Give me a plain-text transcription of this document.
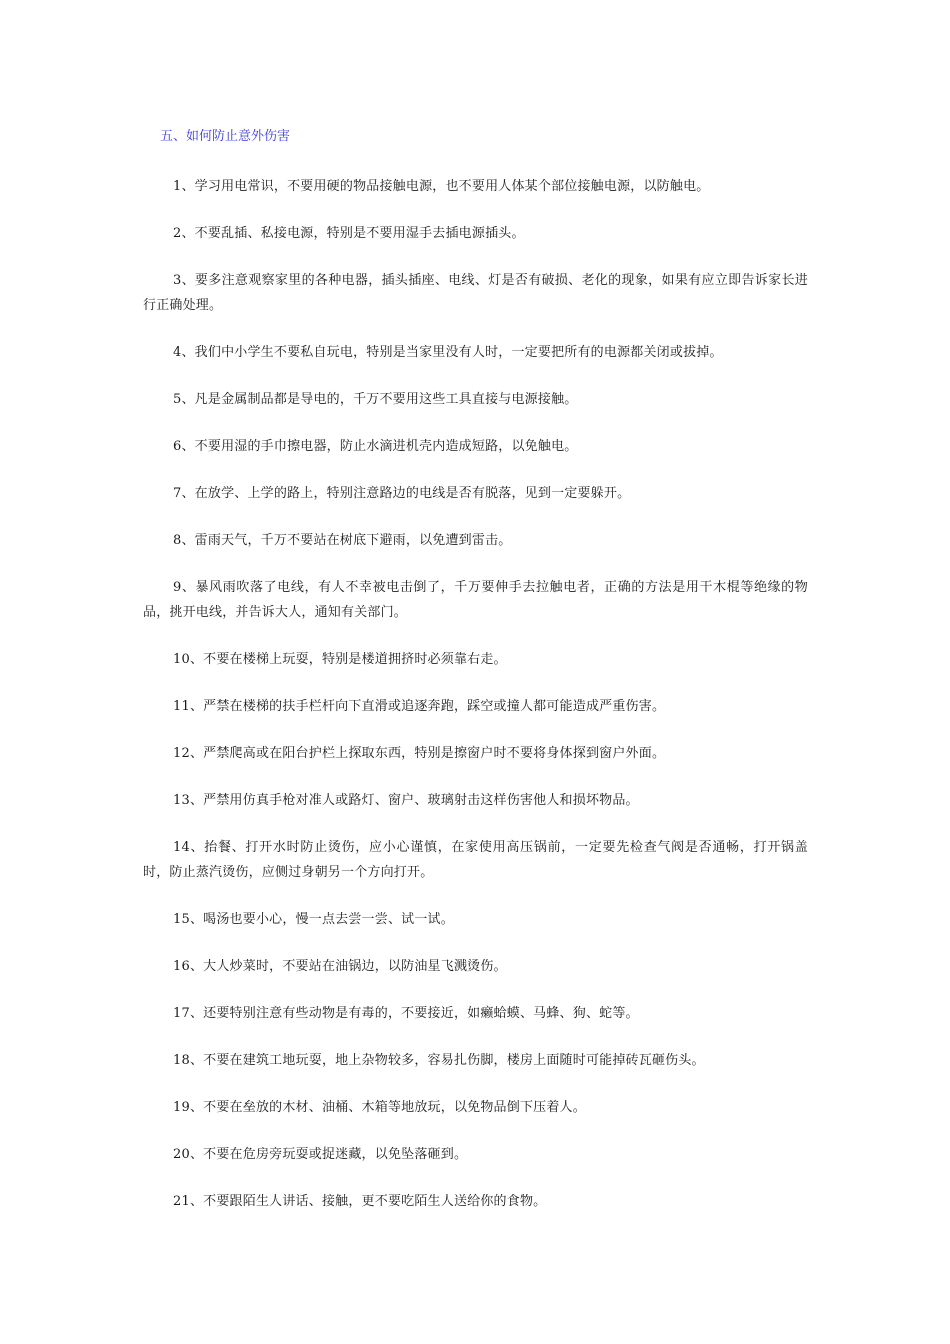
五、如何防止意外伤害

1、学习用电常识，不要用硬的物品接触电源，也不要用人体某个部位接触电源，以防触电。

2、不要乱插、私接电源，特别是不要用湿手去插电源插头。

3、要多注意观察家里的各种电器，插头插座、电线、灯是否有破损、老化的现象，如果有应立即告诉家长进行正确处理。

4、我们中小学生不要私自玩电，特别是当家里没有人时，一定要把所有的电源都关闭或拔掉。

5、凡是金属制品都是导电的，千万不要用这些工具直接与电源接触。

6、不要用湿的手巾擦电器，防止水滴进机壳内造成短路，以免触电。

7、在放学、上学的路上，特别注意路边的电线是否有脱落，见到一定要躲开。

8、雷雨天气，千万不要站在树底下避雨，以免遭到雷击。

9、暴风雨吹落了电线，有人不幸被电击倒了，千万要伸手去拉触电者，正确的方法是用干木棍等绝缘的物品，挑开电线，并告诉大人，通知有关部门。

10、不要在楼梯上玩耍，特别是楼道拥挤时必须靠右走。

11、严禁在楼梯的扶手栏杆向下直滑或追逐奔跑，踩空或撞人都可能造成严重伤害。

12、严禁爬高或在阳台护栏上探取东西，特别是擦窗户时不要将身体探到窗户外面。

13、严禁用仿真手枪对准人或路灯、窗户、玻璃射击这样伤害他人和损坏物品。

14、抬餐、打开水时防止烫伤，应小心谨慎，在家使用高压锅前，一定要先检查气阀是否通畅，打开锅盖时，防止蒸汽烫伤，应侧过身朝另一个方向打开。

15、喝汤也要小心，慢一点去尝一尝、试一试。

16、大人炒菜时，不要站在油锅边，以防油星飞溅烫伤。

17、还要特别注意有些动物是有毒的，不要接近，如癞蛤蟆、马蜂、狗、蛇等。

18、不要在建筑工地玩耍，地上杂物较多，容易扎伤脚，楼房上面随时可能掉砖瓦砸伤头。

19、不要在垒放的木材、油桶、木箱等地放玩，以免物品倒下压着人。

20、不要在危房旁玩耍或捉迷藏，以免坠落砸到。

21、不要跟陌生人讲话、接触，更不要吃陌生人送给你的食物。
